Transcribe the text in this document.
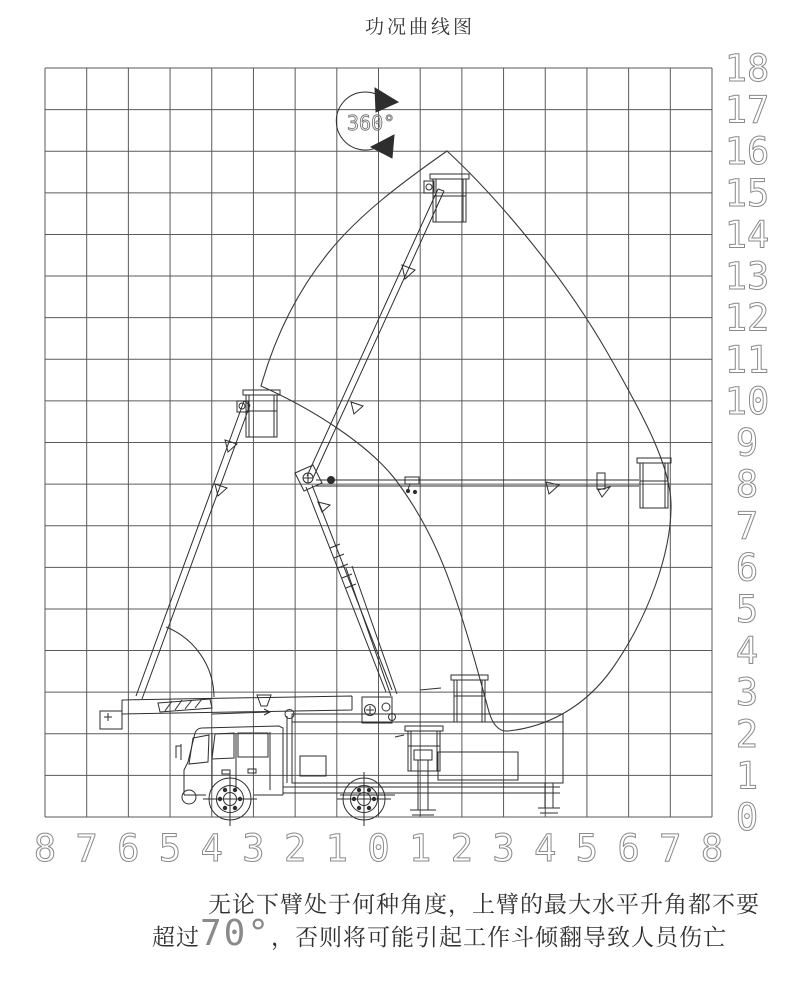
功况曲线图
8 7 6 5 4 3 2 1 0 1 2 3 4 5 6 7 8
18
17
16
15
14
13
12
11
10
9
8
7
6
5
4
3
2
1
0
360°
无论下臂处于何种角度，上臂的最大水平升角都不要
超过70°，否则将可能引起工作斗倾翻导致人员伤亡
